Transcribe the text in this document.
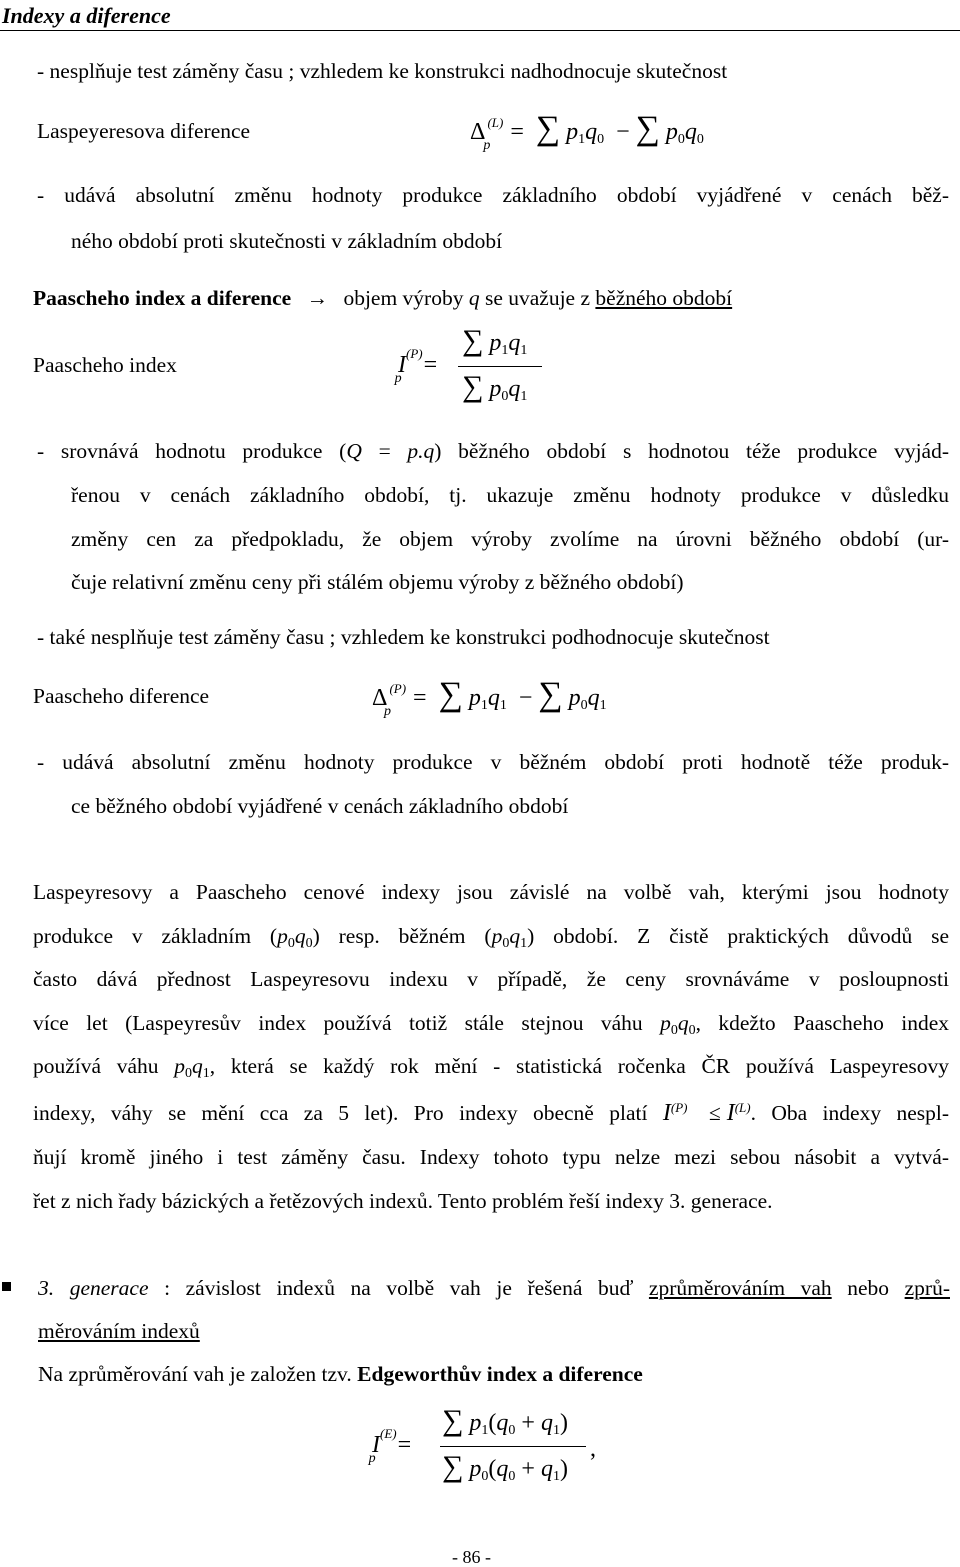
Indexy a diference
- nesplňuje test záměny času ; vzhledem ke konstrukci nadhodnocuje skutečnost
Laspeyeresova diference	Δ $^{(L)}_p$ = ∑ $p_1q_0$ − ∑ $p_0q_0$
- udává absolutní změnu hodnoty produkce základního období vyjádřené v cenách běž-
ného období proti skutečnosti v základním období
Paascheho index a diference → objem výroby q se uvažuje z běžného období
Paascheho index	$I^{(P)}_p$ =
∑ $p_1q_1$
∑ $p_0q_1$
- srovnává hodnotu produkce (Q = p.q) běžného období s hodnotou téže produkce vyjád-
řenou v cenách základního období, tj. ukazuje změnu hodnoty produkce v důsledku
změny cen za předpokladu, že objem výroby zvolíme na úrovni běžného období (ur-
čuje relativní změnu ceny při stálém objemu výroby z běžného období)
- také nesplňuje test záměny času ; vzhledem ke konstrukci podhodnocuje skutečnost
Paascheho diference	Δ $^{(P)}_p$ = ∑ $p_1q_1$ − ∑ $p_0q_1$
- udává absolutní změnu hodnoty produkce v běžném období proti hodnotě téže produk-
ce běžného období vyjádřené v cenách základního období
Laspeyresovy a Paascheho cenové indexy jsou závislé na volbě vah, kterými jsou hodnoty
produkce v základním $(p_0q_0)$ resp. běžném $(p_0q_1)$ období. Z čistě praktických důvodů se
často dává přednost Laspeyresovu indexu v případě, že ceny srovnáváme v posloupnosti
více let (Laspeyresův index používá totiž stále stejnou váhu $p_0q_0$, kdežto Paascheho index
používá váhu $p_0q_1$, která se každý rok mění - statistická ročenka ČR používá Laspeyresovy
indexy, váhy se mění cca za 5 let). Pro indexy obecně platí $I^{(P)} \le I^{(L)}$. Oba indexy nespl-
ňují kromě jiného i test záměny času. Indexy tohoto typu nelze mezi sebou násobit a vytvá-
řet z nich řady bázických a řetězových indexů. Tento problém řeší indexy 3. generace.
3. generace : závislost indexů na volbě vah je řešená buď zprůměrováním vah nebo zprů-
měrováním indexů
Na zprůměrování vah je založen tzv. Edgeworthův index a diference
$I^{(E)}_p$ =
∑ $p_1(q_0 + q_1)$
∑ $p_0(q_0 + q_1)$
,
- 86 -
